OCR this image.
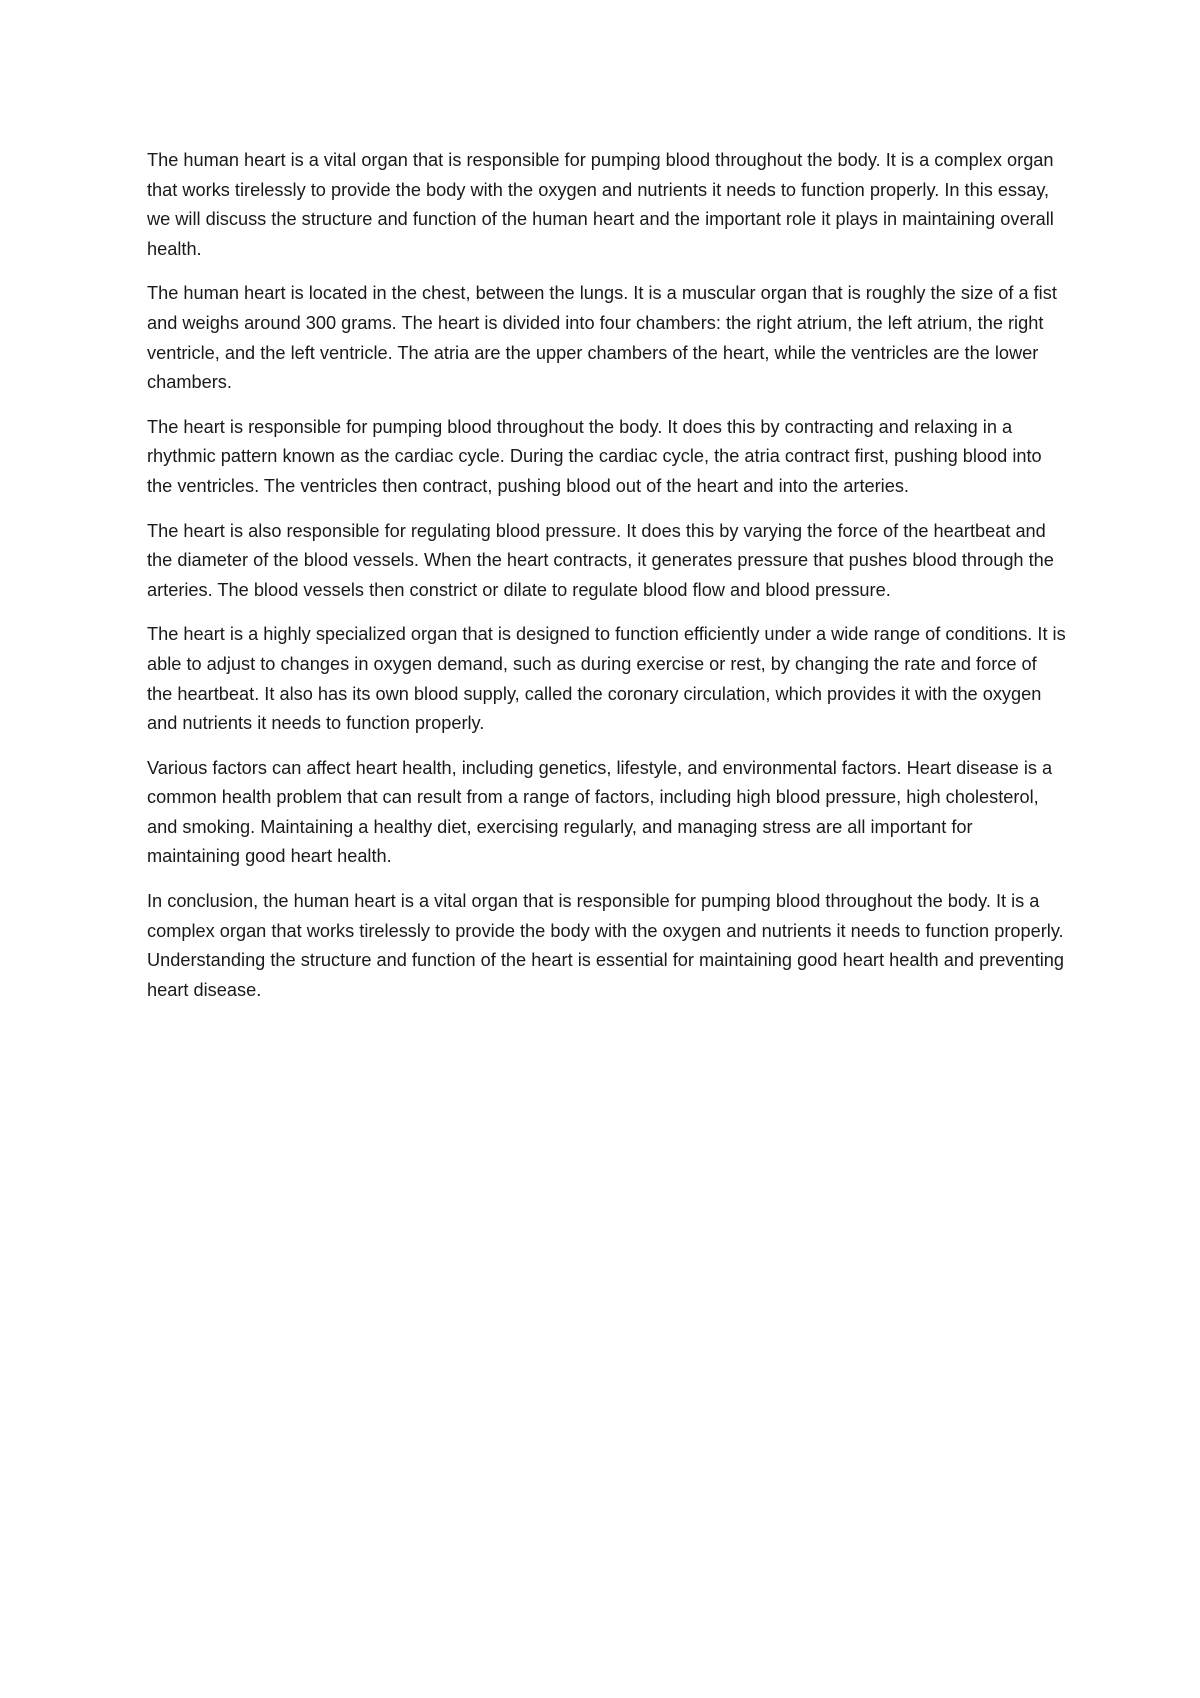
The human heart is a vital organ that is responsible for pumping blood throughout the body. It is a complex organ that works tirelessly to provide the body with the oxygen and nutrients it needs to function properly. In this essay, we will discuss the structure and function of the human heart and the important role it plays in maintaining overall health.

The human heart is located in the chest, between the lungs. It is a muscular organ that is roughly the size of a fist and weighs around 300 grams. The heart is divided into four chambers: the right atrium, the left atrium, the right ventricle, and the left ventricle. The atria are the upper chambers of the heart, while the ventricles are the lower chambers.

The heart is responsible for pumping blood throughout the body. It does this by contracting and relaxing in a rhythmic pattern known as the cardiac cycle. During the cardiac cycle, the atria contract first, pushing blood into the ventricles. The ventricles then contract, pushing blood out of the heart and into the arteries.

The heart is also responsible for regulating blood pressure. It does this by varying the force of the heartbeat and the diameter of the blood vessels. When the heart contracts, it generates pressure that pushes blood through the arteries. The blood vessels then constrict or dilate to regulate blood flow and blood pressure.

The heart is a highly specialized organ that is designed to function efficiently under a wide range of conditions. It is able to adjust to changes in oxygen demand, such as during exercise or rest, by changing the rate and force of the heartbeat. It also has its own blood supply, called the coronary circulation, which provides it with the oxygen and nutrients it needs to function properly.

Various factors can affect heart health, including genetics, lifestyle, and environmental factors. Heart disease is a common health problem that can result from a range of factors, including high blood pressure, high cholesterol, and smoking. Maintaining a healthy diet, exercising regularly, and managing stress are all important for maintaining good heart health.

In conclusion, the human heart is a vital organ that is responsible for pumping blood throughout the body. It is a complex organ that works tirelessly to provide the body with the oxygen and nutrients it needs to function properly. Understanding the structure and function of the heart is essential for maintaining good heart health and preventing heart disease.
